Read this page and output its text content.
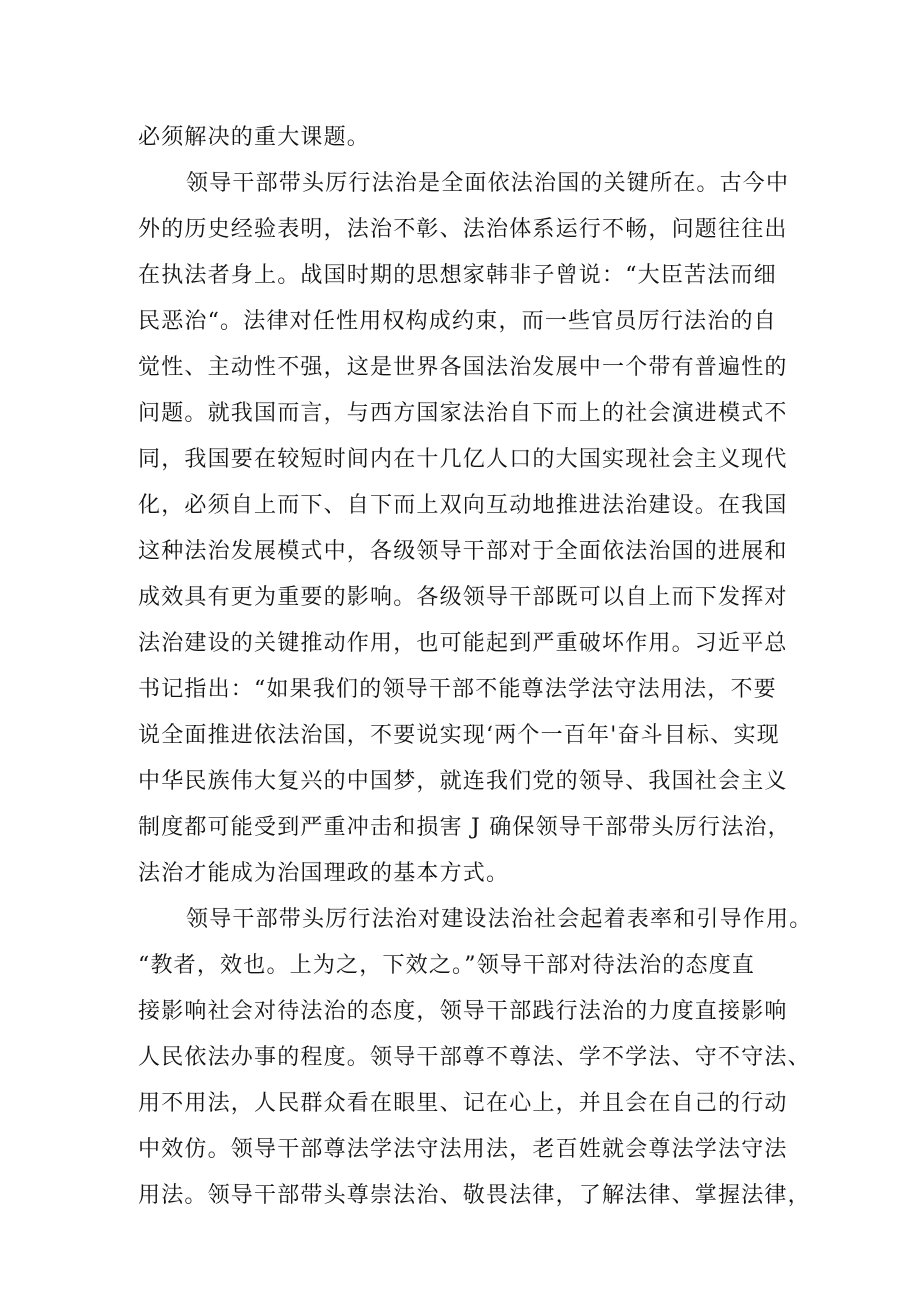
必须解决的重大课题。
领导干部带头厉行法治是全面依法治国的关键所在。古今中
外的历史经验表明，法治不彰、法治体系运行不畅，问题往往出
在执法者身上。战国时期的思想家韩非子曾说：“大臣苦法而细
民恶治“。法律对任性用权构成约束，而一些官员厉行法治的自
觉性、主动性不强，这是世界各国法治发展中一个带有普遍性的
问题。就我国而言，与西方国家法治自下而上的社会演进模式不
同，我国要在较短时间内在十几亿人口的大国实现社会主义现代
化，必须自上而下、自下而上双向互动地推进法治建设。在我国
这种法治发展模式中，各级领导干部对于全面依法治国的进展和
成效具有更为重要的影响。各级领导干部既可以自上而下发挥对
法治建设的关键推动作用，也可能起到严重破坏作用。习近平总
书记指出：“如果我们的领导干部不能尊法学法守法用法，不要
说全面推进依法治国，不要说实现‘两个一百年'奋斗目标、实现
中华民族伟大复兴的中国梦，就连我们党的领导、我国社会主义
制度都可能受到严重冲击和损害 J 确保领导干部带头厉行法治，
法治才能成为治国理政的基本方式。
领导干部带头厉行法治对建设法治社会起着表率和引导作用。
“教者，效也。上为之，下效之。”领导干部对待法治的态度直
接影响社会对待法治的态度，领导干部践行法治的力度直接影响
人民依法办事的程度。领导干部尊不尊法、学不学法、守不守法、
用不用法，人民群众看在眼里、记在心上，并且会在自己的行动
中效仿。领导干部尊法学法守法用法，老百姓就会尊法学法守法
用法。领导干部带头尊崇法治、敬畏法律，了解法律、掌握法律，
